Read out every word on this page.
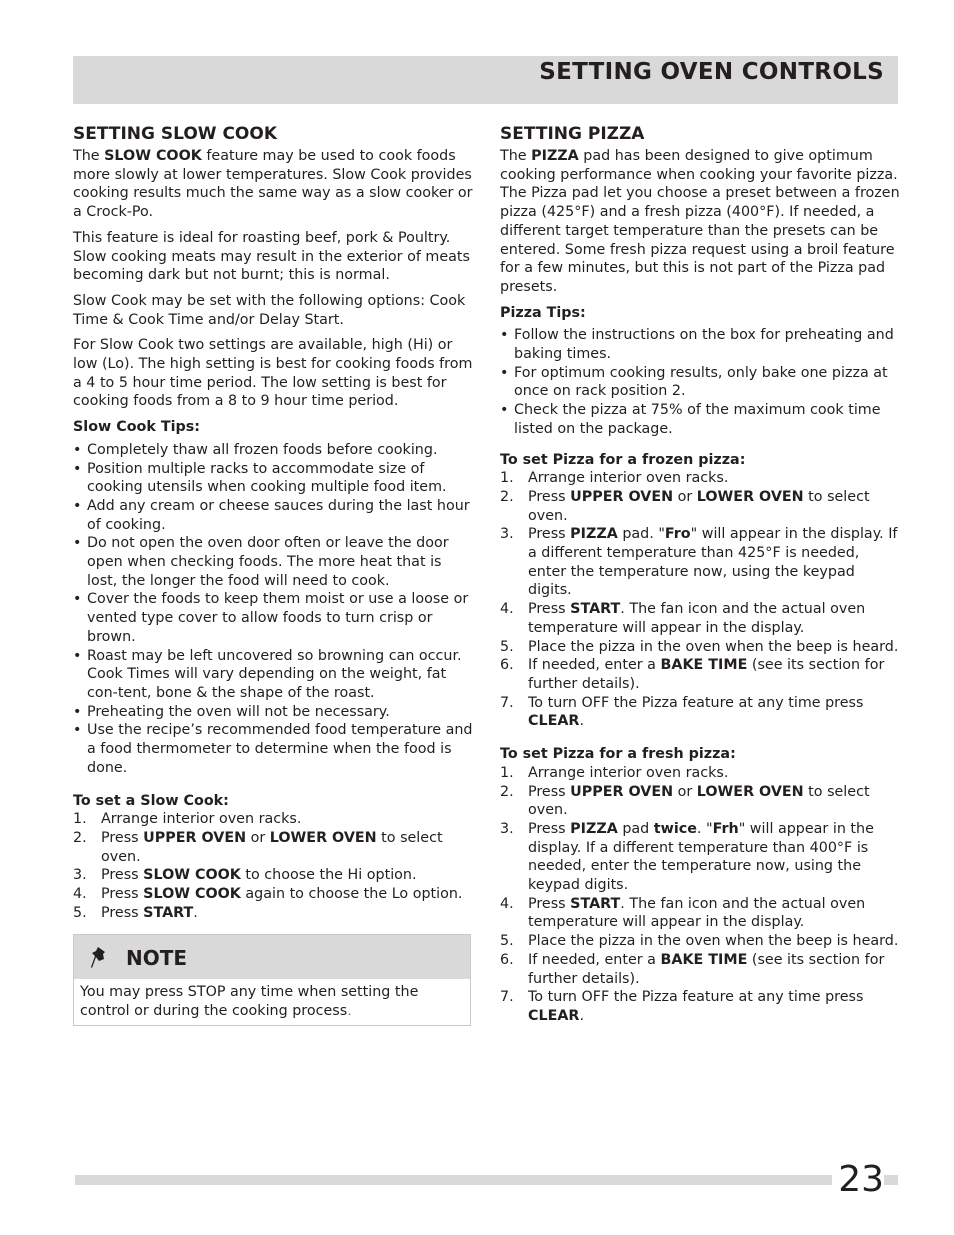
SETTING OVEN CONTROLS
SETTING SLOW COOK

The SLOW COOK feature may be used to cook foods more slowly at lower temperatures. Slow Cook provides cooking results much the same way as a slow cooker or a Crock-Po.

This feature is ideal for roasting beef, pork & Poultry. Slow cooking meats may result in the exterior of meats becoming dark but not burnt; this is normal.

Slow Cook may be set with the following options: Cook Time & Cook Time and/or Delay Start.

For Slow Cook two settings are available, high (Hi) or low (Lo). The high setting is best for cooking foods from a 4 to 5 hour time period. The low setting is best for cooking foods from a 8 to 9 hour time period.

Slow Cook Tips:
• Completely thaw all frozen foods before cooking.
• Position multiple racks to accommodate size of cooking utensils when cooking multiple food item.
• Add any cream or cheese sauces during the last hour of cooking.
• Do not open the oven door often or leave the door open when checking foods. The more heat that is lost, the longer the food will need to cook.
• Cover the foods to keep them moist or use a loose or vented type cover to allow foods to turn crisp or brown.
• Roast may be left uncovered so browning can occur. Cook Times will vary depending on the weight, fat con-tent, bone & the shape of the roast.
• Preheating the oven will not be necessary.
• Use the recipe’s recommended food temperature and a food thermometer to determine when the food is done.
To set a Slow Cook:
1. Arrange interior oven racks.
2. Press UPPER OVEN or LOWER OVEN to select oven.
3. Press SLOW COOK to choose the Hi option.
4. Press SLOW COOK again to choose the Lo option.
5. Press START.
NOTE
You may press STOP any time when setting the control or during the cooking process.
SETTING PIZZA

The PIZZA pad has been designed to give optimum cooking performance when cooking your favorite pizza. The Pizza pad let you choose a preset between a frozen pizza (425°F) and a fresh pizza (400°F). If needed, a different target temperature than the presets can be entered. Some fresh pizza request using a broil feature for a few minutes, but this is not part of the Pizza pad presets.

Pizza Tips:
• Follow the instructions on the box for preheating and baking times.
• For optimum cooking results, only bake one pizza at once on rack position 2.
• Check the pizza at 75% of the maximum cook time listed on the package.
To set Pizza for a frozen pizza:
1. Arrange interior oven racks.
2. Press UPPER OVEN or LOWER OVEN to select oven.
3. Press PIZZA pad. "Fro" will appear in the display. If a different temperature than 425°F is needed, enter the temperature now, using the keypad digits.
4. Press START. The fan icon and the actual oven temperature will appear in the display.
5. Place the pizza in the oven when the beep is heard.
6. If needed, enter a BAKE TIME (see its section for further details).
7. To turn OFF the Pizza feature at any time press CLEAR.
To set Pizza for a fresh pizza:
1. Arrange interior oven racks.
2. Press UPPER OVEN or LOWER OVEN to select oven.
3. Press PIZZA pad twice. "Frh" will appear in the display. If a different temperature than 400°F is needed, enter the temperature now, using the keypad digits.
4. Press START. The fan icon and the actual oven temperature will appear in the display.
5. Place the pizza in the oven when the beep is heard.
6. If needed, enter a BAKE TIME (see its section for further details).
7. To turn OFF the Pizza feature at any time press CLEAR.
23
